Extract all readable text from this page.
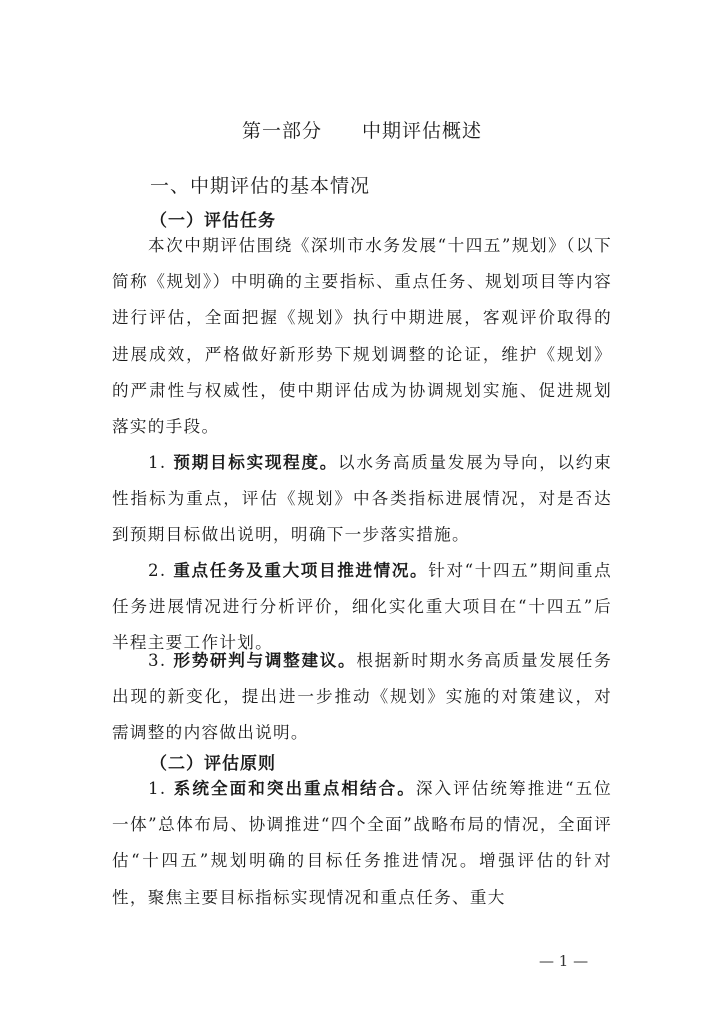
第一部分　　中期评估概述
一、中期评估的基本情况
（一）评估任务

本次中期评估围绕《深圳市水务发展“十四五”规划》（以下简称《规划》）中明确的主要指标、重点任务、规划项目等内容进行评估，全面把握《规划》执行中期进展，客观评价取得的进展成效，严格做好新形势下规划调整的论证，维护《规划》的严肃性与权威性，使中期评估成为协调规划实施、促进规划落实的手段。

1. 预期目标实现程度。以水务高质量发展为导向，以约束性指标为重点，评估《规划》中各类指标进展情况，对是否达到预期目标做出说明，明确下一步落实措施。

2. 重点任务及重大项目推进情况。针对“十四五”期间重点任务进展情况进行分析评价，细化实化重大项目在“十四五”后半程主要工作计划。

3. 形势研判与调整建议。根据新时期水务高质量发展任务出现的新变化，提出进一步推动《规划》实施的对策建议，对需调整的内容做出说明。

（二）评估原则

1. 系统全面和突出重点相结合。深入评估统筹推进“五位一体”总体布局、协调推进“四个全面”战略布局的情况，全面评估“十四五”规划明确的目标任务推进情况。增强评估的针对性，聚焦主要目标指标实现情况和重点任务、重大

— 1 —
